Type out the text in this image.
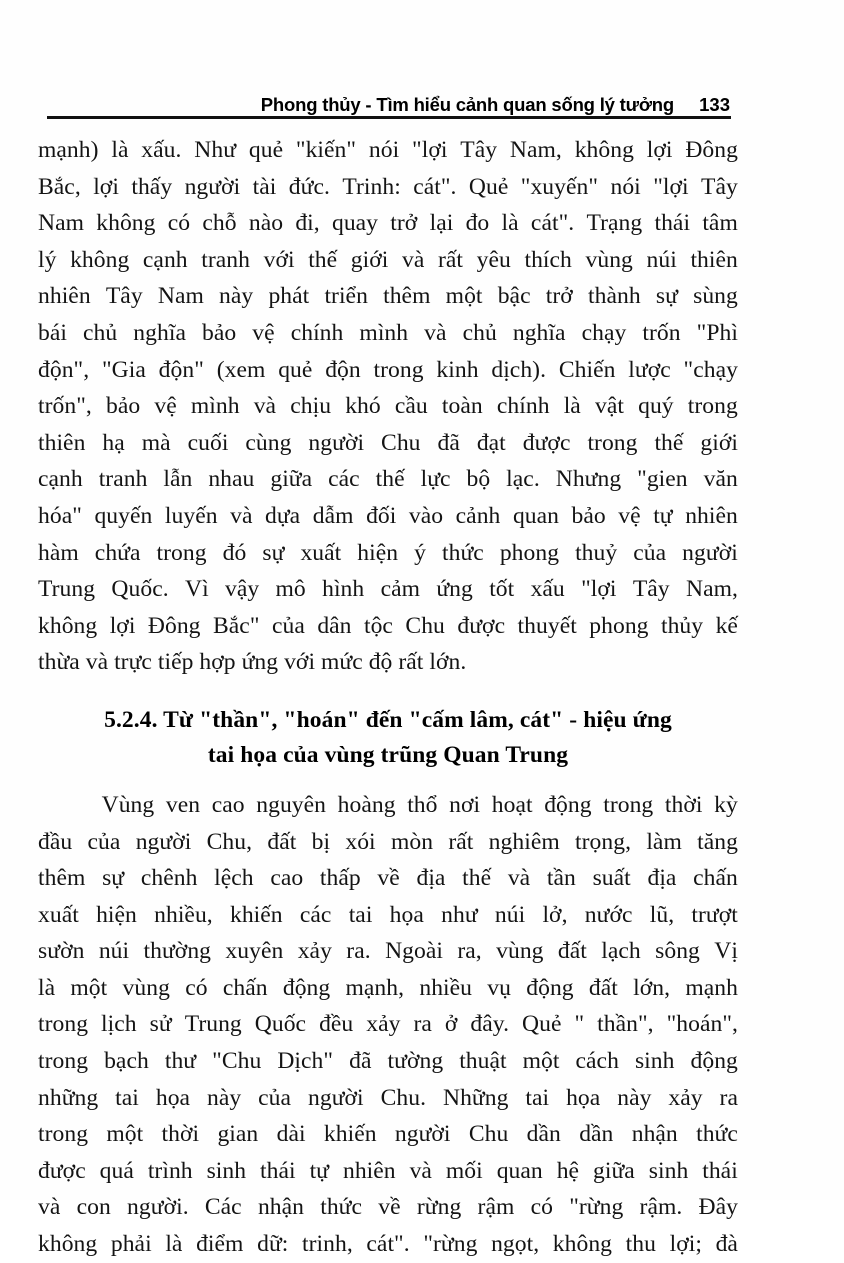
Phong thủy - Tìm hiểu cảnh quan sống lý tưởng 133
mạnh) là xấu. Như quẻ "kiến" nói "lợi Tây Nam, không lợi Đông
Bắc, lợi thấy người tài đức. Trinh: cát". Quẻ "xuyến" nói "lợi Tây
Nam không có chỗ nào đi, quay trở lại đo là cát". Trạng thái tâm
lý không cạnh tranh với thế giới và rất yêu thích vùng núi thiên
nhiên Tây Nam này phát triển thêm một bậc trở thành sự sùng
bái chủ nghĩa bảo vệ chính mình và chủ nghĩa chạy trốn "Phì
độn", "Gia độn" (xem quẻ độn trong kinh dịch). Chiến lược "chạy
trốn", bảo vệ mình và chịu khó cầu toàn chính là vật quý trong
thiên hạ mà cuối cùng người Chu đã đạt được trong thế giới
cạnh tranh lẫn nhau giữa các thế lực bộ lạc. Nhưng "gien văn
hóa" quyến luyến và dựa dẫm đối vào cảnh quan bảo vệ tự nhiên
hàm chứa trong đó sự xuất hiện ý thức phong thuỷ của người
Trung Quốc. Vì vậy mô hình cảm ứng tốt xấu "lợi Tây Nam,
không lợi Đông Bắc" của dân tộc Chu được thuyết phong thủy kế
thừa và trực tiếp hợp ứng với mức độ rất lớn.
5.2.4. Từ "thần", "hoán" đến "cấm lâm, cát" - hiệu ứng
tai họa của vùng trũng Quan Trung
Vùng ven cao nguyên hoàng thổ nơi hoạt động trong thời kỳ
đầu của người Chu, đất bị xói mòn rất nghiêm trọng, làm tăng
thêm sự chênh lệch cao thấp về địa thế và tần suất địa chấn
xuất hiện nhiều, khiến các tai họa như núi lở, nước lũ, trượt
sườn núi thường xuyên xảy ra. Ngoài ra, vùng đất lạch sông Vị
là một vùng có chấn động mạnh, nhiều vụ động đất lớn, mạnh
trong lịch sử Trung Quốc đều xảy ra ở đây. Quẻ " thần", "hoán",
trong bạch thư "Chu Dịch" đã tường thuật một cách sinh động
những tai họa này của người Chu. Những tai họa này xảy ra
trong một thời gian dài khiến người Chu dần dần nhận thức
được quá trình sinh thái tự nhiên và mối quan hệ giữa sinh thái
và con người. Các nhận thức về rừng rậm có "rừng rậm. Đây
không phải là điểm dữ: trinh, cát". "rừng ngọt, không thu lợi; đà
